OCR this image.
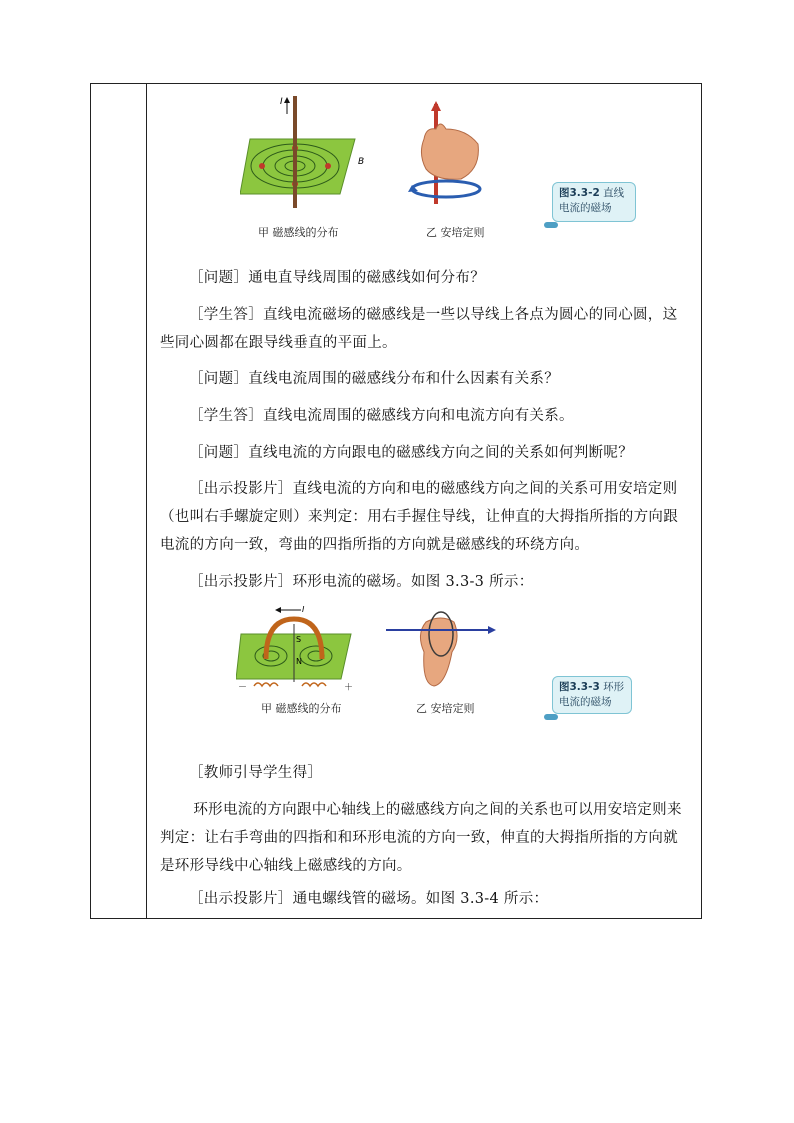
I
B
甲 磁感线的分布	乙 安培定则
图3.3-2 直线
电流的磁场
［问题］通电直导线周围的磁感线如何分布？
［学生答］直线电流磁场的磁感线是一些以导线上各点为圆心的同心圆，这些同心圆都在跟导线垂直的平面上。
［问题］直线电流周围的磁感线分布和什么因素有关系？
［学生答］直线电流周围的磁感线方向和电流方向有关系。
［问题］直线电流的方向跟电的磁感线方向之间的关系如何判断呢？
［出示投影片］直线电流的方向和电的磁感线方向之间的关系可用安培定则（也叫右手螺旋定则）来判定：用右手握住导线，让伸直的大拇指所指的方向跟电流的方向一致，弯曲的四指所指的方向就是磁感线的环绕方向。
［出示投影片］环形电流的磁场。如图 3.3-3 所示：
S
N
I
－	＋
甲 磁感线的分布	乙 安培定则
图3.3-3 环形
电流的磁场
［教师引导学生得］
环形电流的方向跟中心轴线上的磁感线方向之间的关系也可以用安培定则来判定：让右手弯曲的四指和和环形电流的方向一致，伸直的大拇指所指的方向就是环形导线中心轴线上磁感线的方向。
［出示投影片］通电螺线管的磁场。如图 3.3-4 所示：
